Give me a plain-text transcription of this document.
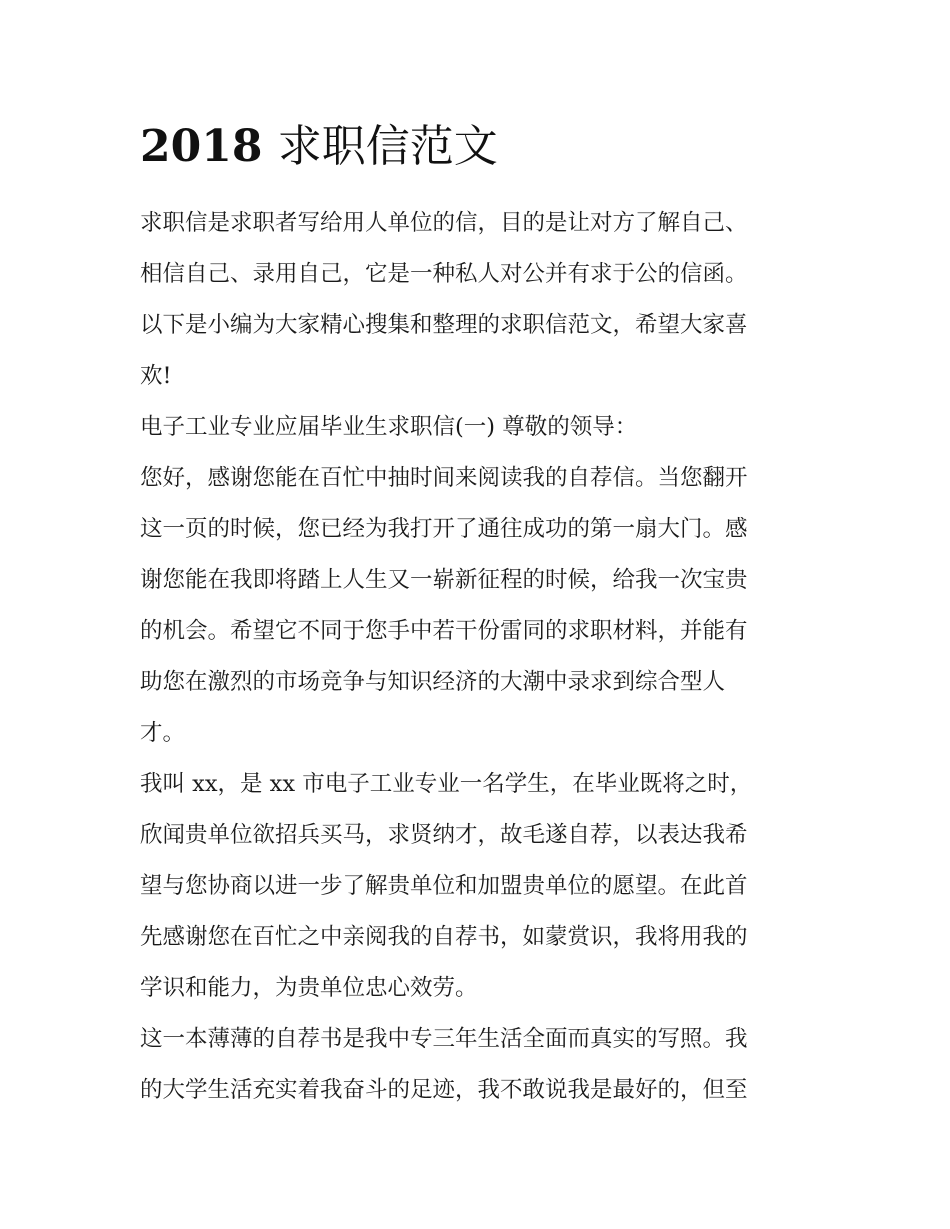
2018 求职信范文
求职信是求职者写给用人单位的信，目的是让对方了解自己、
相信自己、录用自己，它是一种私人对公并有求于公的信函。
以下是小编为大家精心搜集和整理的求职信范文，希望大家喜
欢!
电子工业专业应届毕业生求职信(一) 尊敬的领导：
您好，感谢您能在百忙中抽时间来阅读我的自荐信。当您翻开
这一页的时候，您已经为我打开了通往成功的第一扇大门。感
谢您能在我即将踏上人生又一崭新征程的时候，给我一次宝贵
的机会。希望它不同于您手中若干份雷同的求职材料，并能有
助您在激烈的市场竞争与知识经济的大潮中录求到综合型人
才。
我叫 xx，是 xx 市电子工业专业一名学生，在毕业既将之时，
欣闻贵单位欲招兵买马，求贤纳才，故毛遂自荐，以表达我希
望与您协商以进一步了解贵单位和加盟贵单位的愿望。在此首
先感谢您在百忙之中亲阅我的自荐书，如蒙赏识，我将用我的
学识和能力，为贵单位忠心效劳。
这一本薄薄的自荐书是我中专三年生活全面而真实的写照。我
的大学生活充实着我奋斗的足迹，我不敢说我是最好的，但至
